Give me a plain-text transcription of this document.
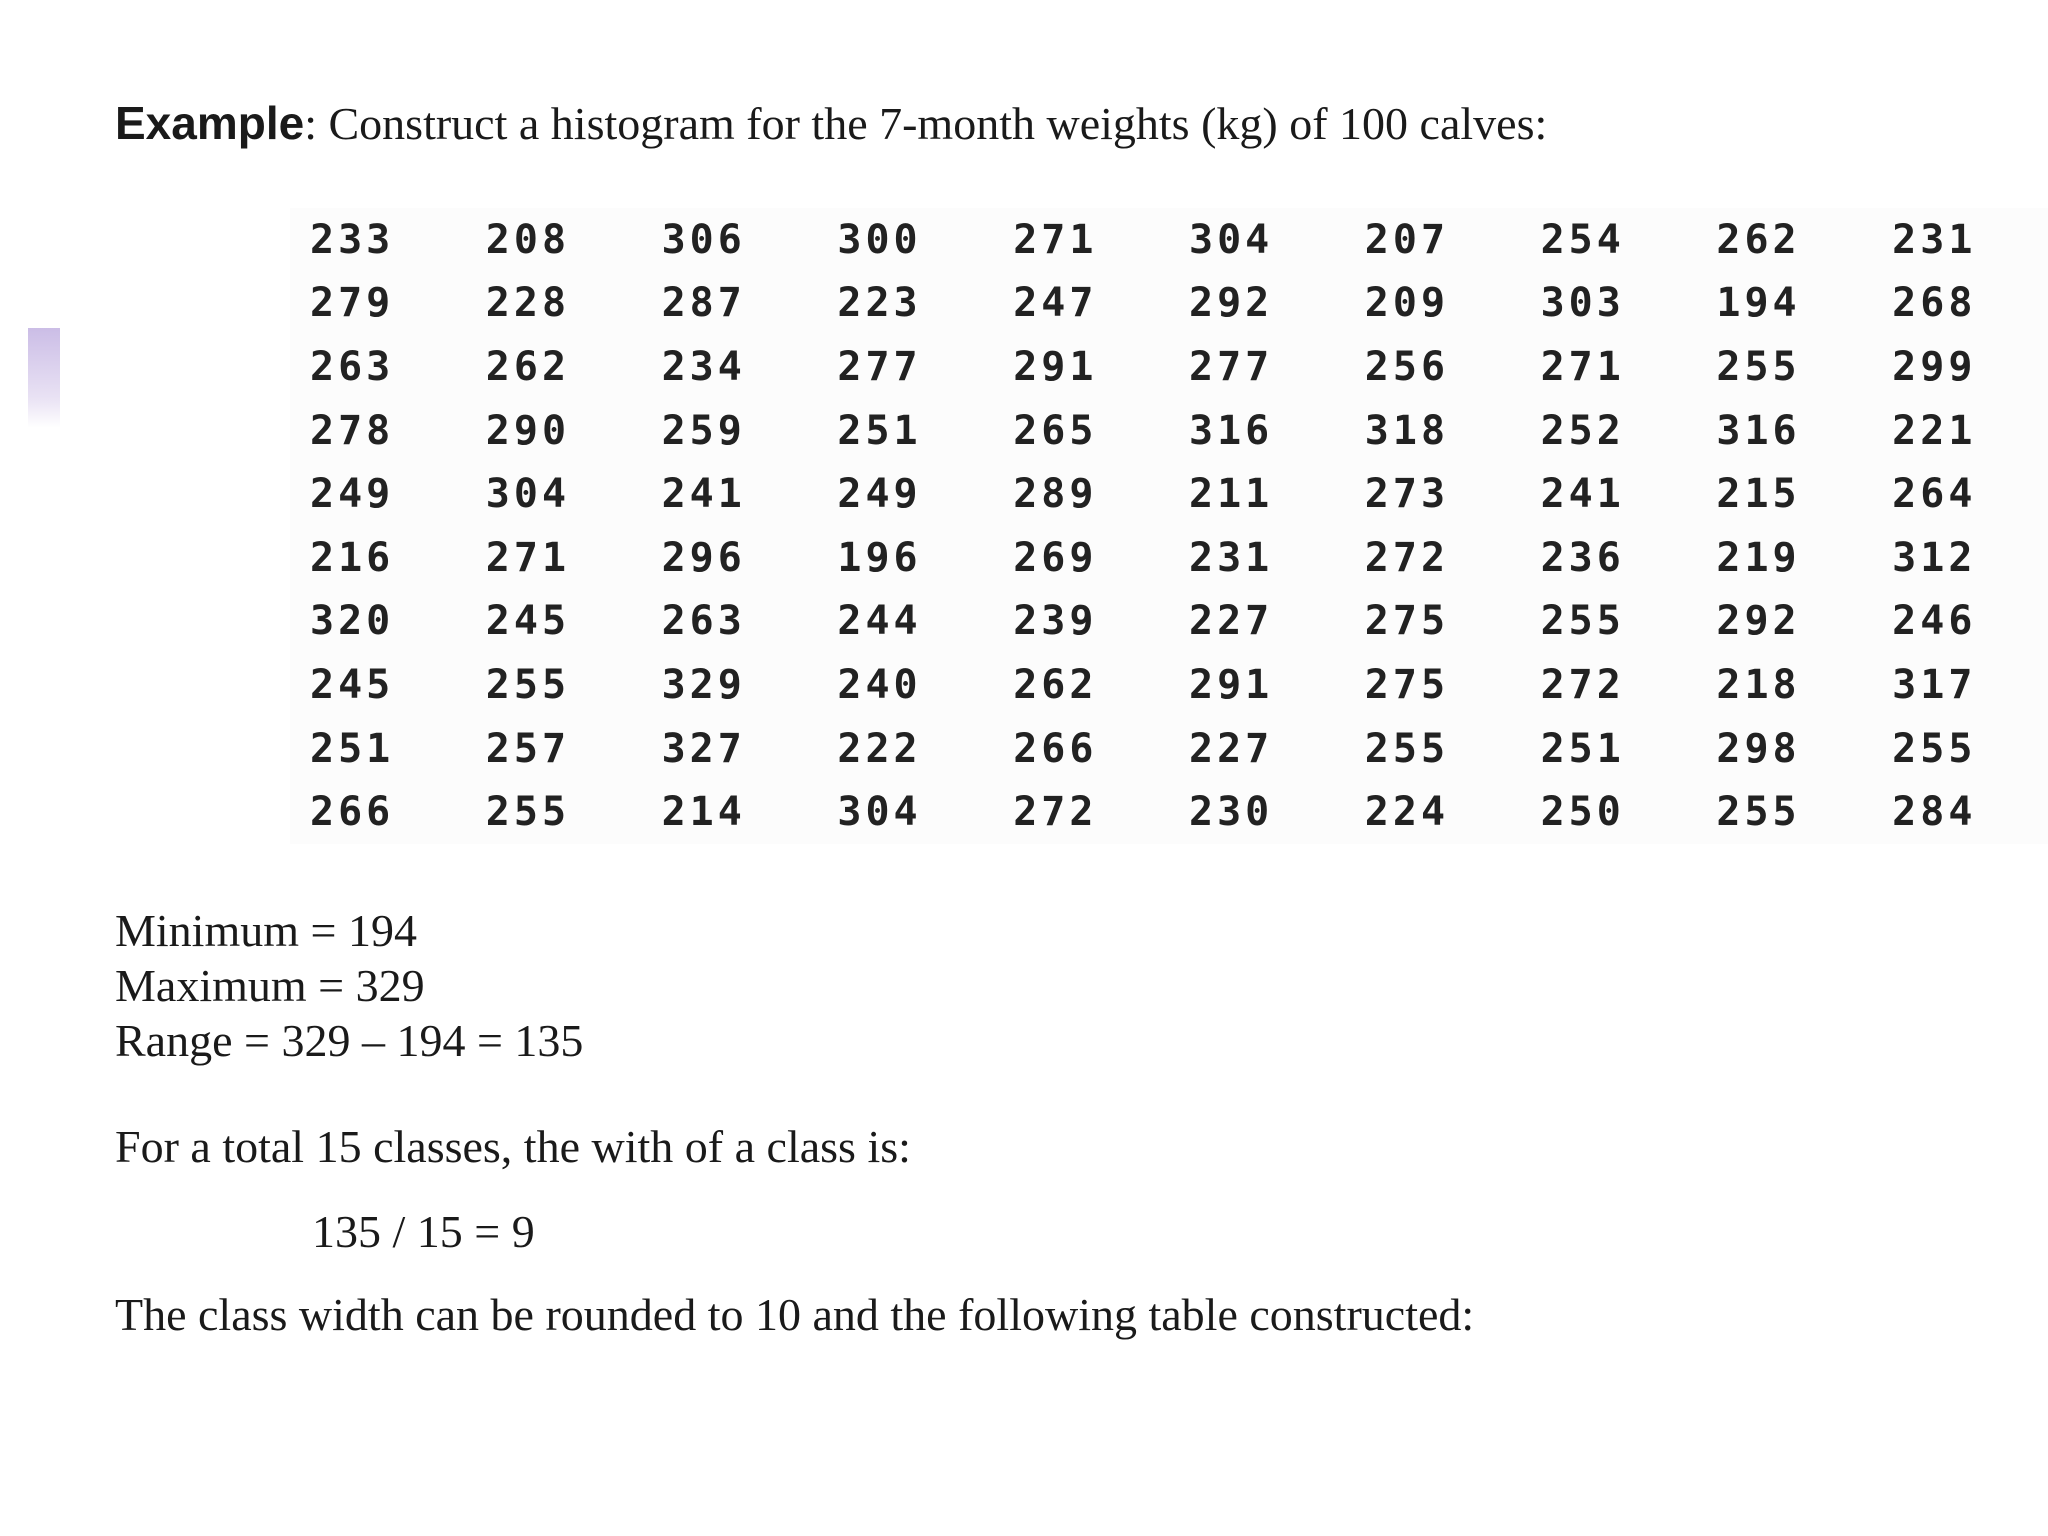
Example: Construct a histogram for the 7-month weights (kg) of 100 calves:
233	208	306	300	271	304	207	254	262	231
279	228	287	223	247	292	209	303	194	268
263	262	234	277	291	277	256	271	255	299
278	290	259	251	265	316	318	252	316	221
249	304	241	249	289	211	273	241	215	264
216	271	296	196	269	231	272	236	219	312
320	245	263	244	239	227	275	255	292	246
245	255	329	240	262	291	275	272	218	317
251	257	327	222	266	227	255	251	298	255
266	255	214	304	272	230	224	250	255	284
Minimum = 194
Maximum = 329
Range = 329 – 194 = 135
For a total 15 classes, the with of a class is:
135 / 15 = 9
The class width can be rounded to 10 and the following table constructed:
